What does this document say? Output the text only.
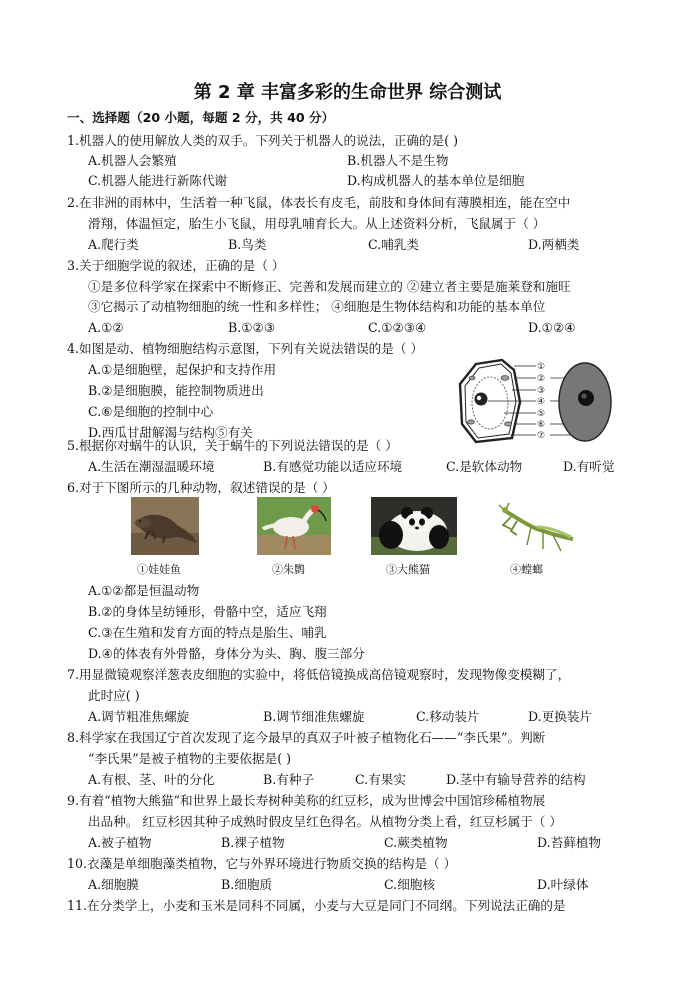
第 2 章 丰富多彩的生命世界 综合测试
一、选择题（20 小题，每题 2 分，共 40 分）
1.机器人的使用解放人类的双手。下列关于机器人的说法，正确的是( )
A.机器人会繁殖	B.机器人不是生物
C.机器人能进行新陈代谢	D.构成机器人的基本单位是细胞
2.在非洲的雨林中，生活着一种飞鼠，体表长有皮毛，前肢和身体间有薄膜相连，能在空中
滑翔，体温恒定，胎生小飞鼠，用母乳哺育长大。从上述资料分析，飞鼠属于（ ）
A.爬行类	B.鸟类	C.哺乳类	D.两栖类
3.关于细胞学说的叙述，正确的是（ ）
①是多位科学家在探索中不断修正、完善和发展而建立的 ②建立者主要是施莱登和施旺
③它揭示了动植物细胞的统一性和多样性； ④细胞是生物体结构和功能的基本单位
A.①②	B.①②③	C.①②③④	D.①②④
4.如图是动、植物细胞结构示意图，下列有关说法错误的是（ ）
A.①是细胞壁，起保护和支持作用
B.②是细胞膜，能控制物质进出
C.⑥是细胞的控制中心
D.西瓜甘甜解渴与结构⑤有关
①
②
③
④
⑤
⑥
⑦
5.根据你对蜗牛的认识，关于蜗牛的下列说法错误的是（ ）
A.生活在潮湿温暖环境	B.有感觉功能以适应环境	C.是软体动物	D.有听觉
6.对于下图所示的几种动物，叙述错误的是（ ）
①娃娃鱼	②朱鹮	③大熊猫	④螳螂
A.①②都是恒温动物
B.②的身体呈纺锤形，骨骼中空，适应飞翔
C.③在生殖和发育方面的特点是胎生、哺乳
D.④的体表有外骨骼，身体分为头、胸、腹三部分
7.用显微镜观察洋葱表皮细胞的实验中，将低倍镜换成高倍镜观察时，发现物像变模糊了，
此时应( )
A.调节粗准焦螺旋	B.调节细准焦螺旋	C.移动装片	D.更换装片
8.科学家在我国辽宁首次发现了迄今最早的真双子叶被子植物化石——“李氏果”。判断
“李氏果”是被子植物的主要依据是( )
A.有根、茎、叶的分化	B.有种子	C.有果实	D.茎中有输导营养的结构
9.有着“植物大熊猫”和世界上最长寿树种美称的红豆杉，成为世博会中国馆珍稀植物展
出品种。 红豆杉因其种子成熟时假皮呈红色得名。从植物分类上看，红豆杉属于（ ）
A.被子植物	B.裸子植物	C.蕨类植物	D.苔藓植物
10.衣藻是单细胞藻类植物，它与外界环境进行物质交换的结构是（ ）
A.细胞膜	B.细胞质	C.细胞核	D.叶绿体
11.在分类学上，小麦和玉米是同科不同属，小麦与大豆是同门不同纲。下列说法正确的是
